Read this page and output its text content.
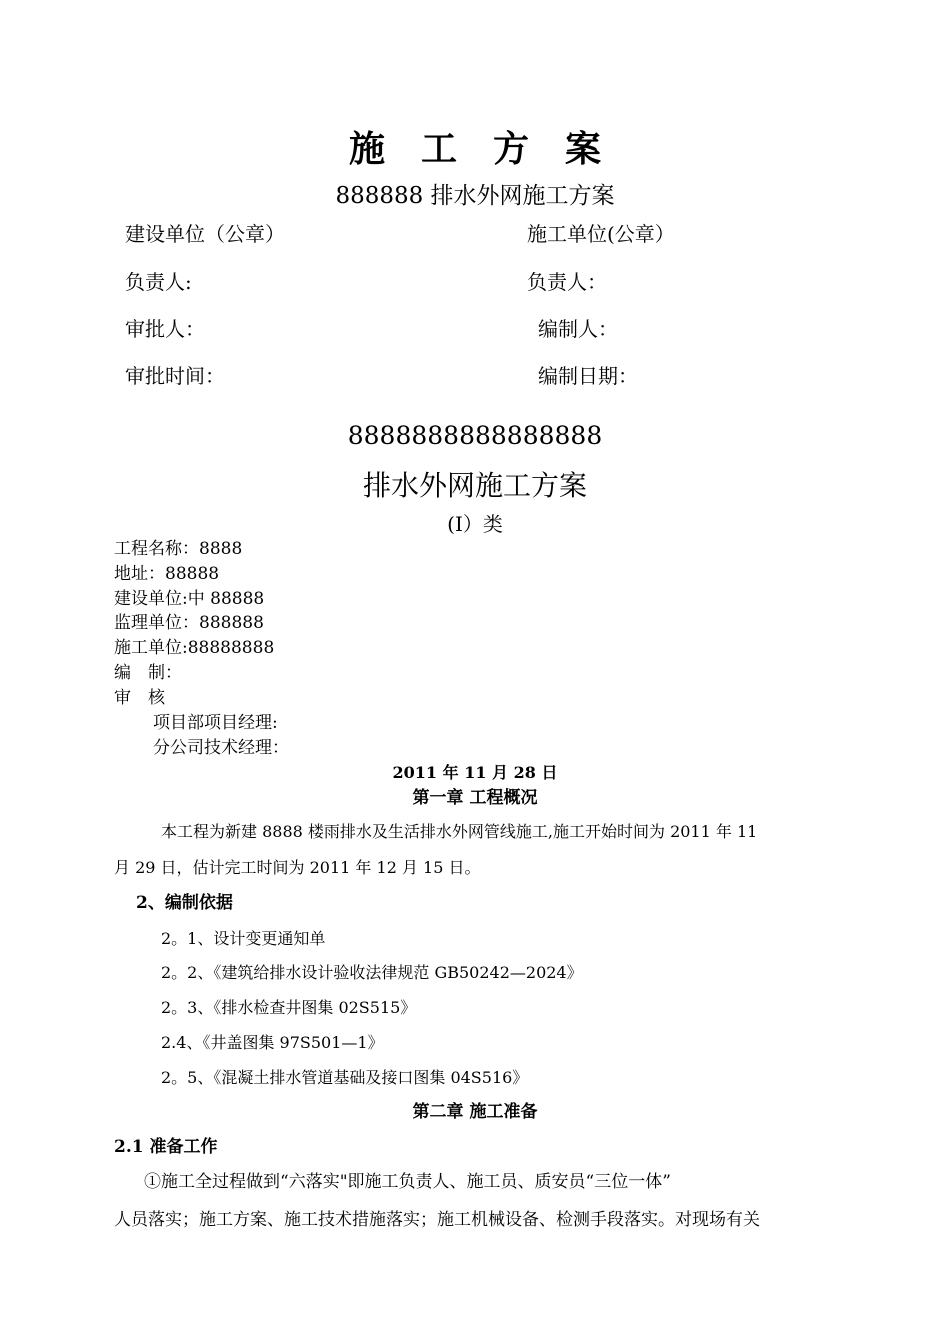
施　工　方　案
888888 排水外网施工方案
建设单位（公章）	施工单位(公章）
负责人:	负责人：
审批人：	编制人：
审批时间：	编制日期：
8888888888888888
排水外网施工方案
(I）类
工程名称：8888
地址：88888
建设单位:中 88888
监理单位：888888
施工单位:88888888
编　制：
审　核
项目部项目经理:
分公司技术经理：
2011 年 11 月 28 日
第一章 工程概况
本工程为新建 8888 楼雨排水及生活排水外网管线施工,施工开始时间为 2011 年 11
月 29 日，估计完工时间为 2011 年 12 月 15 日。
2、编制依据
2。1、设计变更通知单
2。2、《建筑给排水设计验收法律规范 GB50242—2024》
2。3、《排水检查井图集 02S515》
2.4、《井盖图集 97S501—1》
2。5、《混凝土排水管道基础及接口图集 04S516》
第二章 施工准备
2.1 准备工作
①施工全过程做到“六落实"即施工负责人、施工员、质安员“三位一体”
人员落实；施工方案、施工技术措施落实；施工机械设备、检测手段落实。对现场有关
